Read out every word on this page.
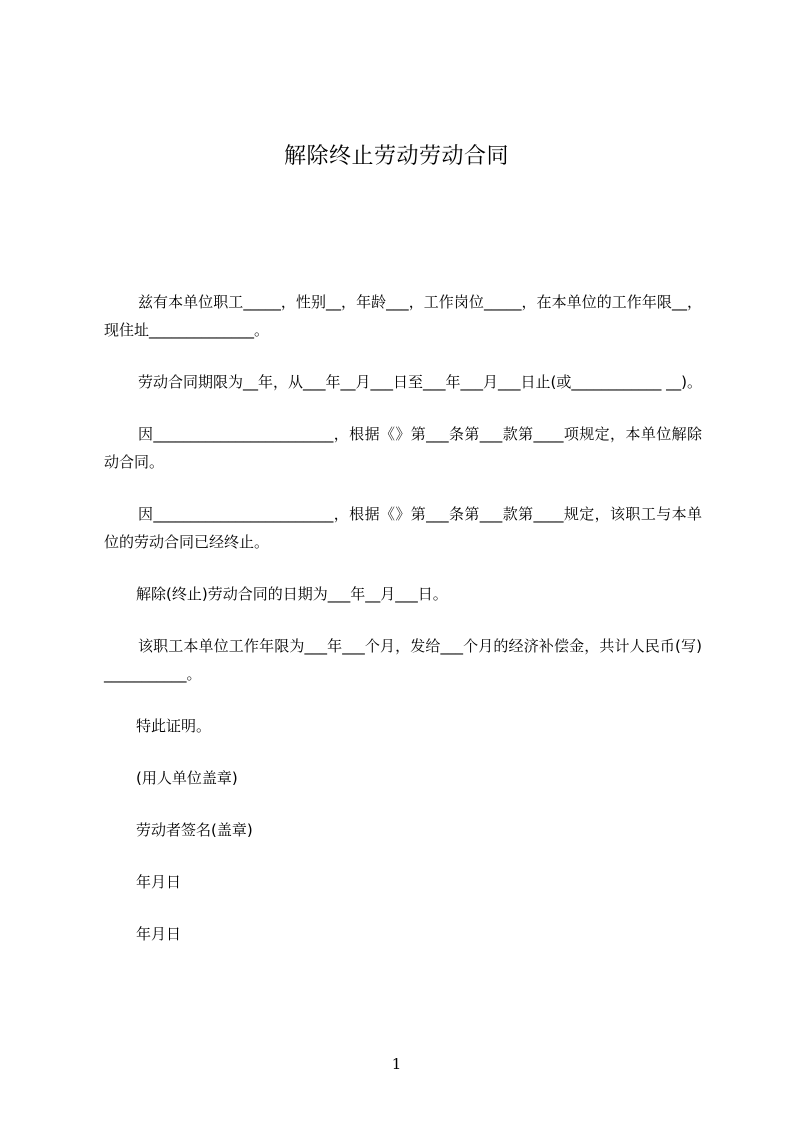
解除终止劳动劳动合同

兹有本单位职工_____，性别__，年龄___，工作岗位_____，在本单位的工作年限__，现住址______________。

劳动合同期限为__年，从___年__月___日至___年___月___日止(或____________ __)。

因________________________，根据《》第___条第___款第____项规定，本单位解除动合同。

因________________________，根据《》第___条第___款第____规定，该职工与本单位的劳动合同已经终止。

解除(终止)劳动合同的日期为___年__月___日。

该职工本单位工作年限为___年___个月，发给___个月的经济补偿金，共计人民币(写)___________。

特此证明。

(用人单位盖章)

劳动者签名(盖章)

年月日

年月日

1
